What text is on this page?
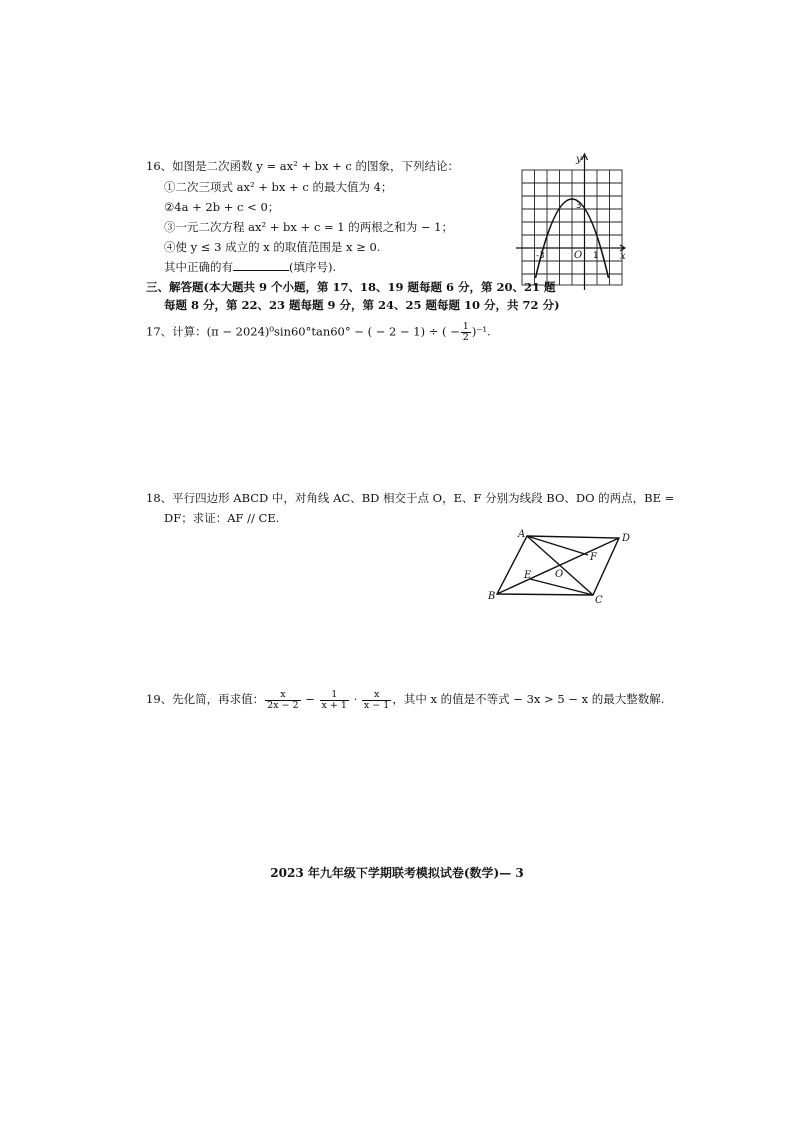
16、如图是二次函数 y = ax² + bx + c 的图象，下列结论：
①二次三项式 ax² + bx + c 的最大值为 4；
②4a + 2b + c < 0；
③一元二次方程 ax² + bx + c = 1 的两根之和为 − 1；
④使 y ≤ 3 成立的 x 的取值范围是 x ≥ 0.
其中正确的有	(填序号).
y
x
O
-3	1
3
三、解答题(本大题共 9 个小题，第 17、18、19 题每题 6 分，第 20、21 题
每题 8 分，第 22、23 题每题 9 分，第 24、25 题每题 10 分，共 72 分)
17、计算：(π − 2024)⁰sin60°tan60° − ( − 2 − 1) ÷ ( − $\frac{1}{2} )^{-1}$.
18、平行四边形 ABCD 中，对角线 AC、BD 相交于点 O，E、F 分别为线段 BO、DO 的两点，BE =
DF；求证：AF // CE.
A
B	C
D
O
E
F
19、先化简，再求值： $\frac{x}{2x - 2} - \frac{1}{x + 1} \cdot \frac{x}{x - 1}$ ，其中 x 的值是不等式 − 3x > 5 − x 的最大整数解.
2023 年九年级下学期联考模拟试卷(数学)— 3
